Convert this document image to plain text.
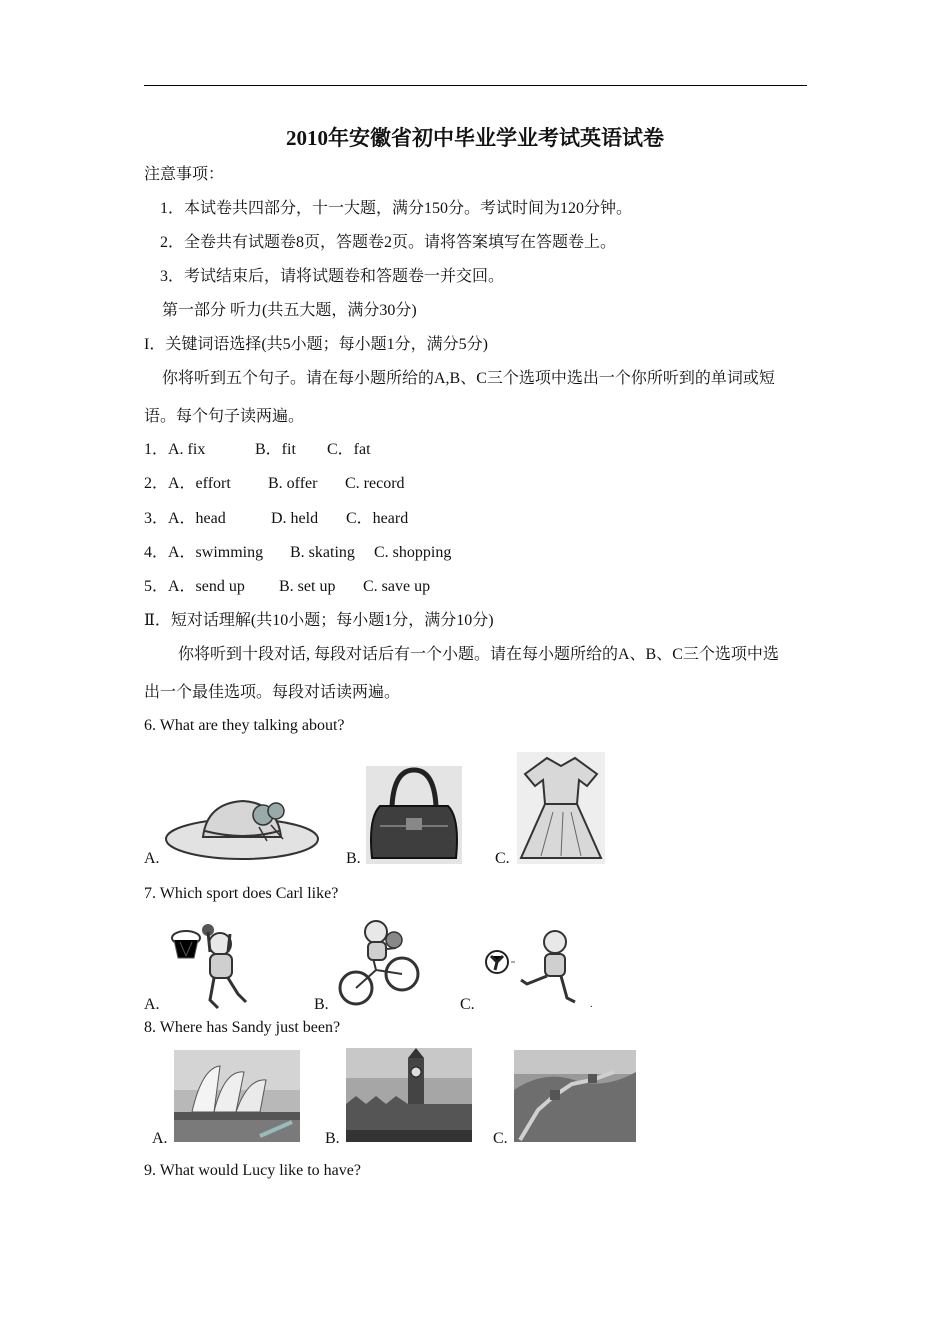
2010年安徽省初中毕业学业考试英语试卷
注意事项：
1．本试卷共四部分，十一大题，满分150分。考试时间为120分钟。
2．全卷共有试题卷8页，答题卷2页。请将答案填写在答题卷上。
3．考试结束后，请将试题卷和答题卷一并交回。
第一部分 听力(共五大题，满分30分)
I．关键词语选择(共5小题；每小题1分，满分5分)
你将听到五个句子。请在每小题所给的A,B、C三个选项中选出一个你所听到的单词或短
语。每个句子读两遍。
1．A. fix	B．fit C．fat
2．A．effort B. offer C. record
3．A．head	D. held C．heard
4．A．swimming B. skating C. shopping
5．A．send up B. set up C. save up
Ⅱ．短对话理解(共10小题；每小题1分，满分10分)
你将听到十段对话, 每段对话后有一个小题。请在每小题所给的A、B、C三个选项中选
出一个最佳选项。每段对话读两遍。
6. What are they talking about?
A.	B.	C.
7. Which sport does Carl like?
A.	B.	C.	.
8. Where has Sandy just been?
A.	B.	C.
9. What would Lucy like to have?
